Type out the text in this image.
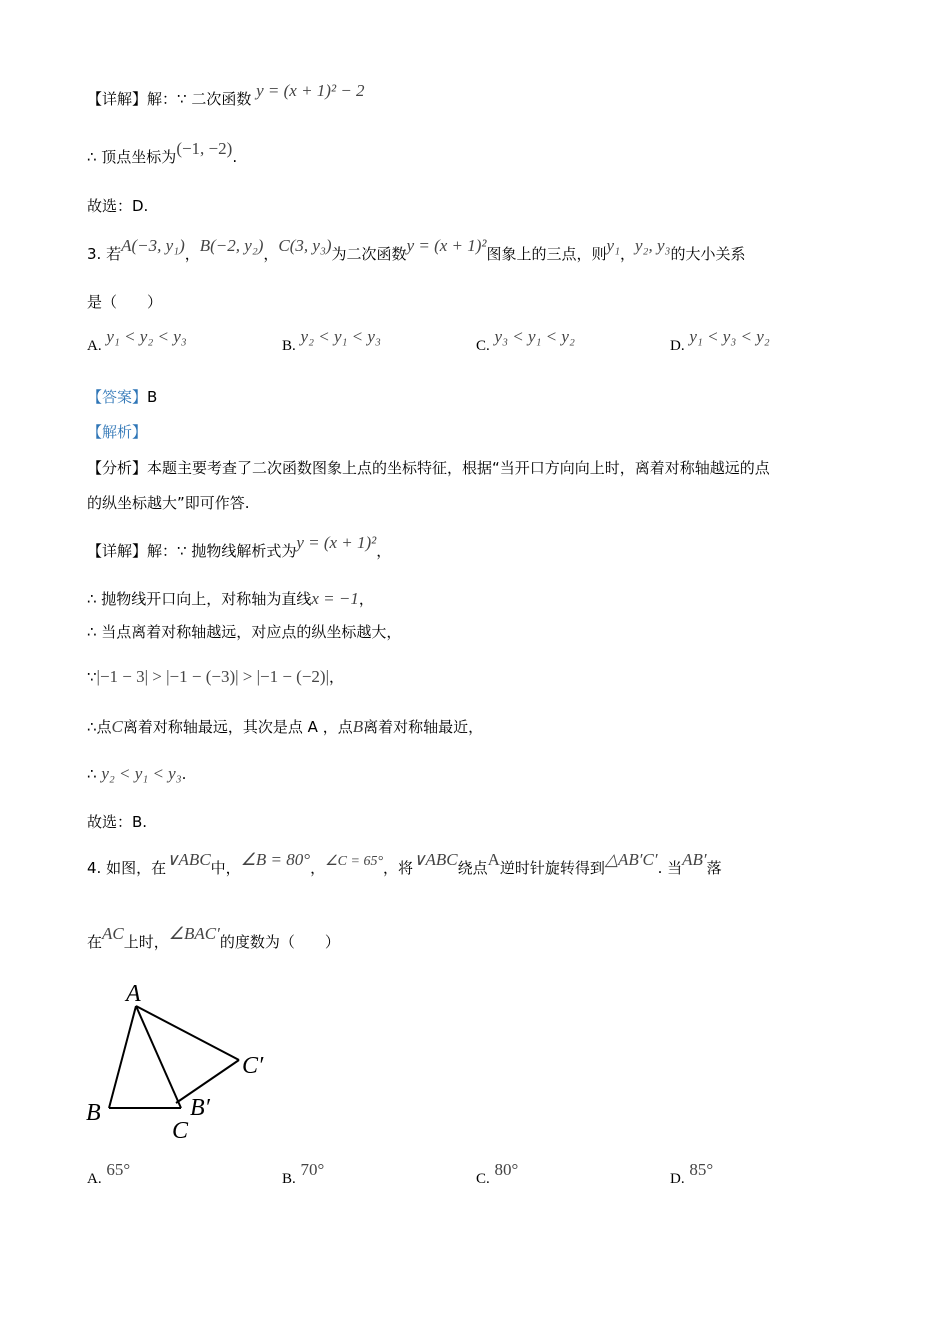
【详解】解：∵ 二次函数 y = (x + 1)² − 2
∴ 顶点坐标为(−1, −2).
故选：D.
3. 若A(−3, y₁)，B(−2, y₂)，C(3, y₃)为二次函数y = (x + 1)²图象上的三点，则y₁，y₂, y₃的大小关系
是（　　）
A. y₁ < y₂ < y₃	B. y₂ < y₁ < y₃	C. y₃ < y₁ < y₂	D. y₁ < y₃ < y₂
【答案】B
【解析】
【分析】本题主要考查了二次函数图象上点的坐标特征，根据“当开口方向向上时，离着对称轴越远的点
的纵坐标越大”即可作答.
【详解】解：∵ 抛物线解析式为y = (x + 1)²，
∴ 抛物线开口向上，对称轴为直线x = −1，
∴ 当点离着对称轴越远，对应点的纵坐标越大，
∵|−1 − 3| > |−1 − (−3)| > |−1 − (−2)|，
∴点C离着对称轴最远，其次是点 A ，点B离着对称轴最近，
∴ y₂ < y₁ < y₃.
故选：B.
4. 如图，在∨ABC中，∠B = 80°，∠C = 65°，将∨ABC绕点A逆时针旋转得到△AB′C′. 当AB′落
在AC上时，∠BAC′的度数为（　　）
A
B
C
B′
C′
A. 65°	B. 70°	C. 80°	D. 85°
